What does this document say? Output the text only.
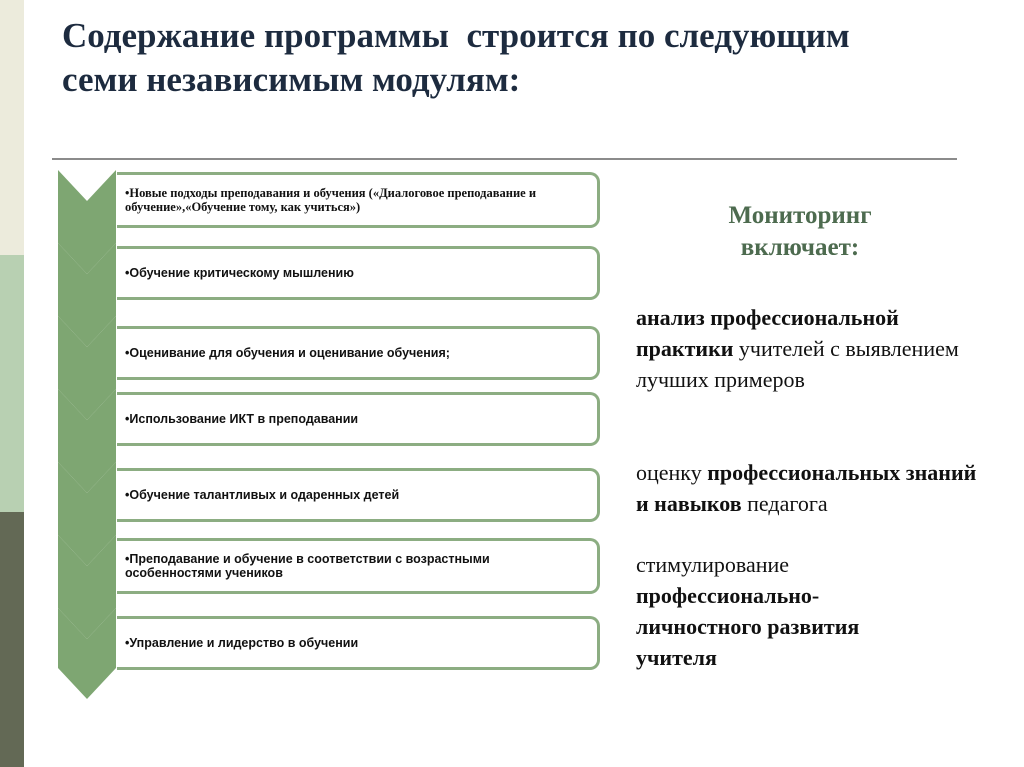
Содержание программы  строится по следующим
семи независимым модулям:
•Новые подходы преподавания и обучения («Диалоговое преподавание и обучение»,«Обучение тому, как учиться»)
•Обучение критическому мышлению
•Оценивание для обучения и оценивание обучения;
•Использование ИКТ в преподавании
•Обучение талантливых и одаренных детей
•Преподавание и обучение в соответствии с возрастными особенностями учеников
•Управление и лидерство в обучении
Мониторинг
включает:
анализ профессиональной практики учителей с выявлением лучших примеров
оценку профессиональных знаний и навыков педагога
стимулирование профессионально-личностного развития учителя
